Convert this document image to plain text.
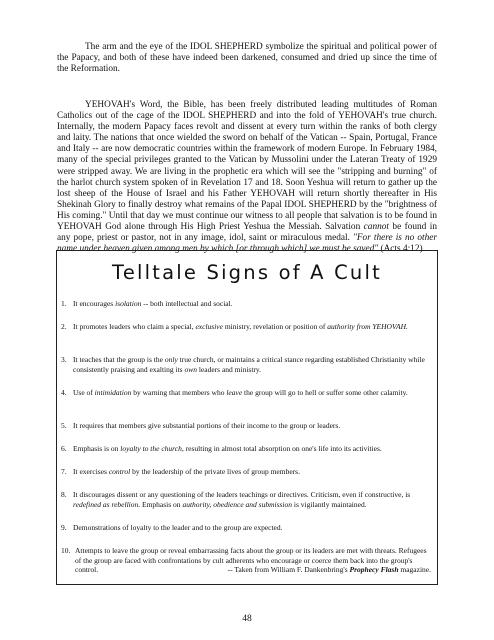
The arm and the eye of the IDOL SHEPHERD symbolize the spiritual and political power of the Papacy, and both of these have indeed been darkened, consumed and dried up since the time of the Reformation.

YEHOVAH's Word, the Bible, has been freely distributed leading multitudes of Roman Catholics out of the cage of the IDOL SHEPHERD and into the fold of YEHOVAH's true church. Internally, the modern Papacy faces revolt and dissent at every turn within the ranks of both clergy and laity. The nations that once wielded the sword on behalf of the Vatican -- Spain, Portugal, France and Italy -- are now democratic countries within the framework of modern Europe. In February 1984, many of the special privileges granted to the Vatican by Mussolini under the Lateran Treaty of 1929 were stripped away. We are living in the prophetic era which will see the "stripping and burning" of the harlot church system spoken of in Revelation 17 and 18. Soon Yeshua will return to gather up the lost sheep of the House of Israel and his Father YEHOVAH will return shortly thereafter in His Shekinah Glory to finally destroy what remains of the Papal IDOL SHEPHERD by the "brightness of His coming." Until that day we must continue our witness to all people that salvation is to be found in YEHOVAH God alone through His High Priest Yeshua the Messiah. Salvation cannot be found in any pope, priest or pastor, not in any image, idol, saint or miraculous medal. "For there is no other name under heaven given among men by which [or through which] we must be saved" (Acts 4:12).

Telltale Signs of A Cult

1. It encourages isolation -- both intellectual and social.

2. It promotes leaders who claim a special, exclusive ministry, revelation or position of authority from YEHOVAH.

3. It teaches that the group is the only true church, or maintains a critical stance regarding established Christianity while consistently praising and exalting its own leaders and ministry.

4. Use of intimidation by warning that members who leave the group will go to hell or suffer some other calamity.

5. It requires that members give substantial portions of their income to the group or leaders.

6. Emphasis is on loyalty to the church, resulting in almost total absorption on one's life into its activities.

7. It exercises control by the leadership of the private lives of group members.

8. It discourages dissent or any questioning of the leaders teachings or directives. Criticism, even if constructive, is redefined as rebellion. Emphasis on authority, obedience and submission is vigilantly maintained.

9. Demonstrations of loyalty to the leader and to the group are expected.

10. Attempts to leave the group or reveal embarrassing facts about the group or its leaders are met with threats. Refugees of the group are faced with confrontations by cult adherents who encourage or coerce them back into the group's control.	-- Taken from William F. Dankenbring's Prophecy Flash magazine.

48
